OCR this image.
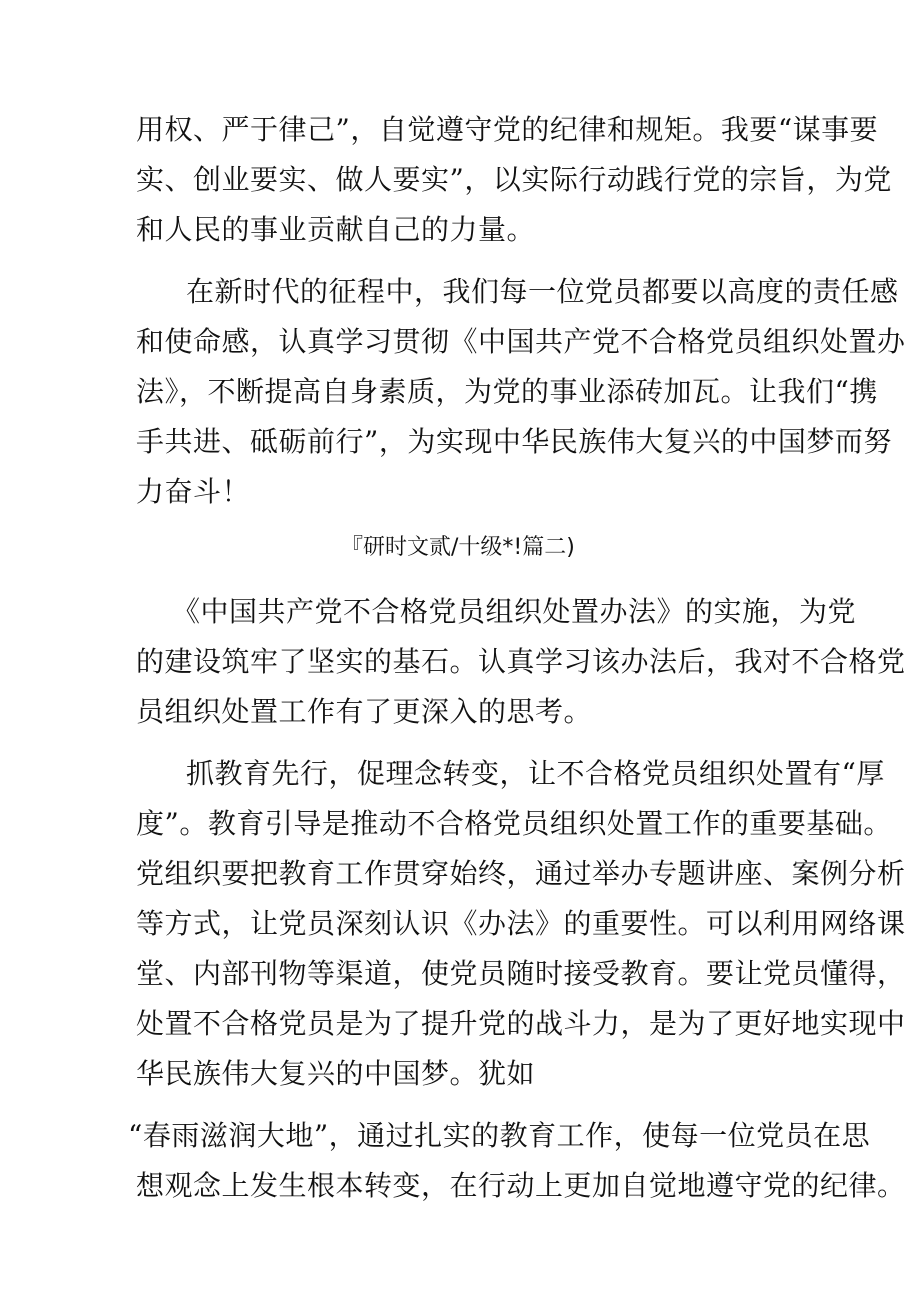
用权、严于律己”，自觉遵守党的纪律和规矩。我要“谋事要
实、创业要实、做人要实”，以实际行动践行党的宗旨，为党
和人民的事业贡献自己的力量。
在新时代的征程中，我们每一位党员都要以高度的责任感
和使命感，认真学习贯彻《中国共产党不合格党员组织处置办
法》，不断提高自身素质，为党的事业添砖加瓦。让我们“携
手共进、砥砺前行”，为实现中华民族伟大复兴的中国梦而努
力奋斗！
『研时文贰/十级*!篇二)
《中国共产党不合格党员组织处置办法》的实施，为党
的建设筑牢了坚实的基石。认真学习该办法后，我对不合格党
员组织处置工作有了更深入的思考。
抓教育先行，促理念转变，让不合格党员组织处置有“厚
度”。教育引导是推动不合格党员组织处置工作的重要基础。
党组织要把教育工作贯穿始终，通过举办专题讲座、案例分析
等方式，让党员深刻认识《办法》的重要性。可以利用网络课
堂、内部刊物等渠道，使党员随时接受教育。要让党员懂得，
处置不合格党员是为了提升党的战斗力，是为了更好地实现中
华民族伟大复兴的中国梦。犹如
“春雨滋润大地”，通过扎实的教育工作，使每一位党员在思
想观念上发生根本转变，在行动上更加自觉地遵守党的纪律。
